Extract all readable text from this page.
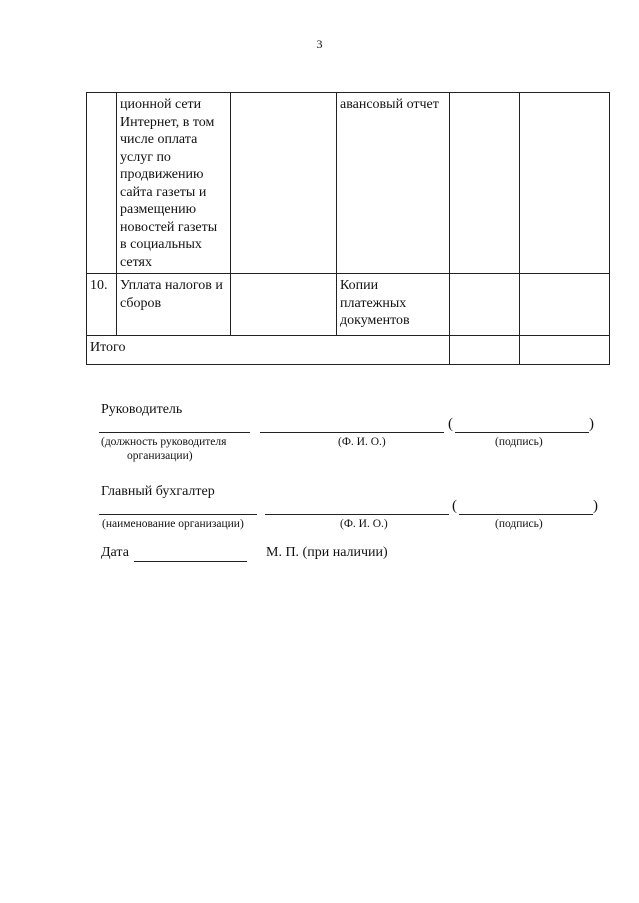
3
	ционной сети Интернет, в том числе оплата услуг по продвижению сайта газеты и размещению новостей газеты в социальных сетях		авансовый отчет		
10.	Уплата налогов и сборов		Копии платежных документов		
Итого					
Руководитель
(	)
(должность руководителя
организации)
(Ф. И. О.)	(подпись)
Главный бухгалтер
(	)
(наименование организации)	(Ф. И. О.)	(подпись)
Дата	М. П. (при наличии)
